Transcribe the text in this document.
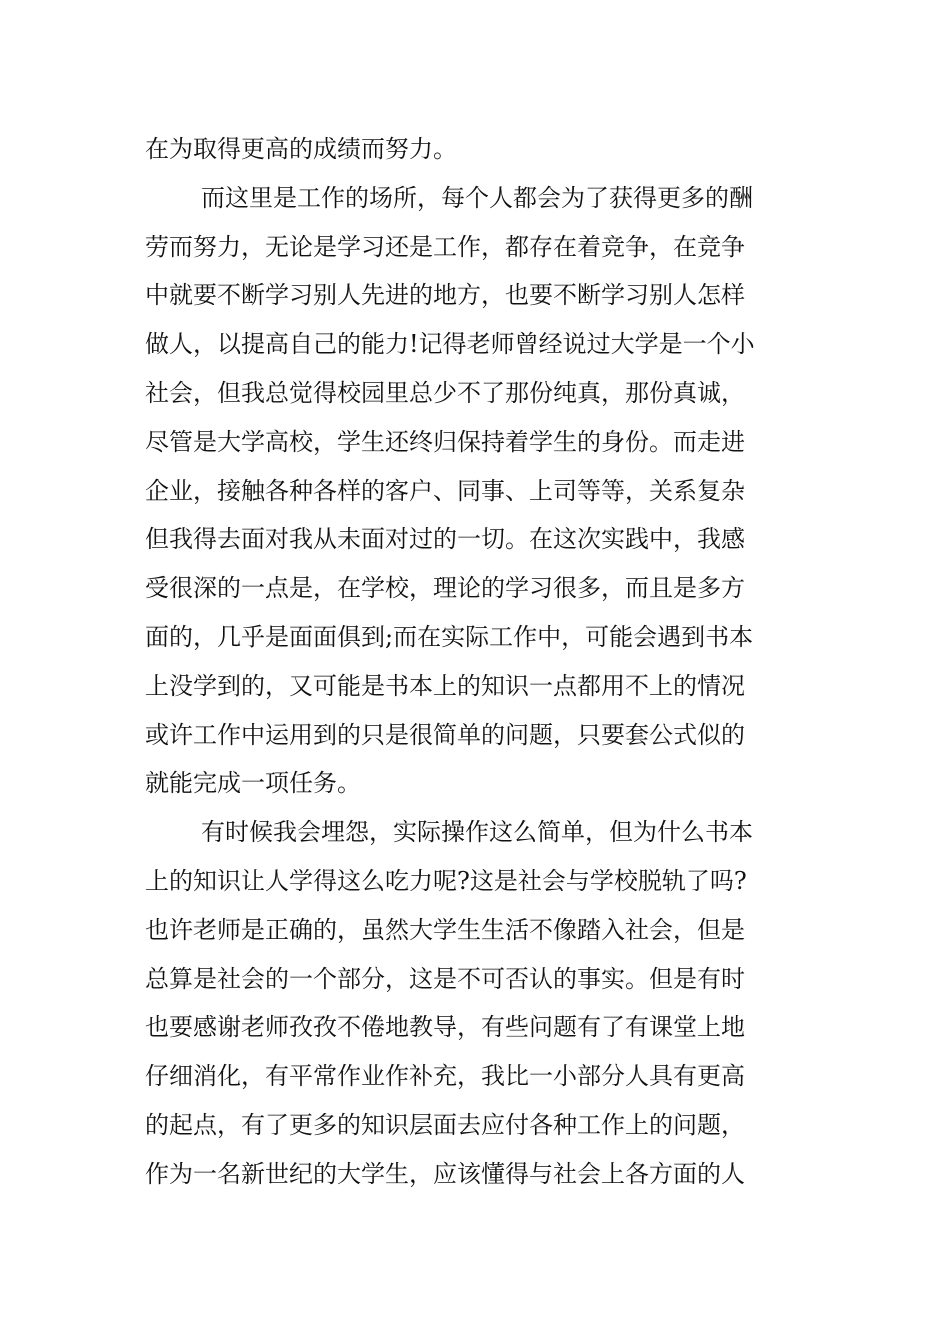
在为取得更高的成绩而努力。
而这里是工作的场所，每个人都会为了获得更多的酬
劳而努力，无论是学习还是工作，都存在着竞争，在竞争
中就要不断学习别人先进的地方，也要不断学习别人怎样
做人，以提高自己的能力!记得老师曾经说过大学是一个小
社会，但我总觉得校园里总少不了那份纯真，那份真诚，
尽管是大学高校，学生还终归保持着学生的身份。而走进
企业，接触各种各样的客户、同事、上司等等，关系复杂
但我得去面对我从未面对过的一切。在这次实践中，我感
受很深的一点是，在学校，理论的学习很多，而且是多方
面的，几乎是面面俱到;而在实际工作中，可能会遇到书本
上没学到的，又可能是书本上的知识一点都用不上的情况
或许工作中运用到的只是很简单的问题，只要套公式似的
就能完成一项任务。
有时候我会埋怨，实际操作这么简单，但为什么书本
上的知识让人学得这么吃力呢?这是社会与学校脱轨了吗?
也许老师是正确的，虽然大学生生活不像踏入社会，但是
总算是社会的一个部分，这是不可否认的事实。但是有时
也要感谢老师孜孜不倦地教导，有些问题有了有课堂上地
仔细消化，有平常作业作补充，我比一小部分人具有更高
的起点，有了更多的知识层面去应付各种工作上的问题，
作为一名新世纪的大学生，应该懂得与社会上各方面的人
